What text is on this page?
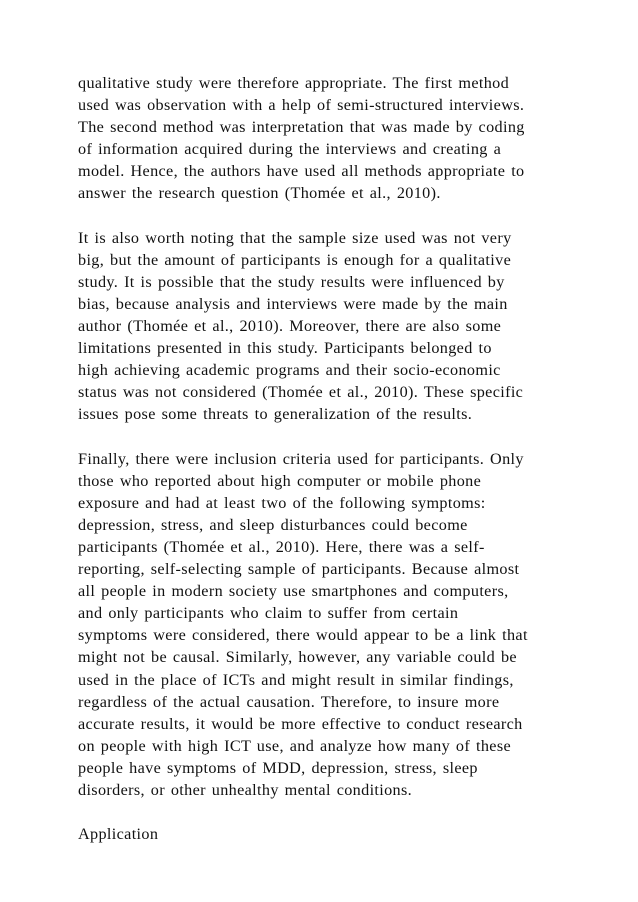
qualitative study were therefore appropriate. The first method
used was observation with a help of semi-structured interviews.
The second method was interpretation that was made by coding
of information acquired during the interviews and creating a
model. Hence, the authors have used all methods appropriate to
answer the research question (Thomée et al., 2010).
It is also worth noting that the sample size used was not very
big, but the amount of participants is enough for a qualitative
study. It is possible that the study results were influenced by
bias, because analysis and interviews were made by the main
author (Thomée et al., 2010). Moreover, there are also some
limitations presented in this study. Participants belonged to
high achieving academic programs and their socio-economic
status was not considered (Thomée et al., 2010). These specific
issues pose some threats to generalization of the results.
Finally, there were inclusion criteria used for participants. Only
those who reported about high computer or mobile phone
exposure and had at least two of the following symptoms:
depression, stress, and sleep disturbances could become
participants (Thomée et al., 2010). Here, there was a self-
reporting, self-selecting sample of participants. Because almost
all people in modern society use smartphones and computers,
and only participants who claim to suffer from certain
symptoms were considered, there would appear to be a link that
might not be causal. Similarly, however, any variable could be
used in the place of ICTs and might result in similar findings,
regardless of the actual causation. Therefore, to insure more
accurate results, it would be more effective to conduct research
on people with high ICT use, and analyze how many of these
people have symptoms of MDD, depression, stress, sleep
disorders, or other unhealthy mental conditions.
Application
